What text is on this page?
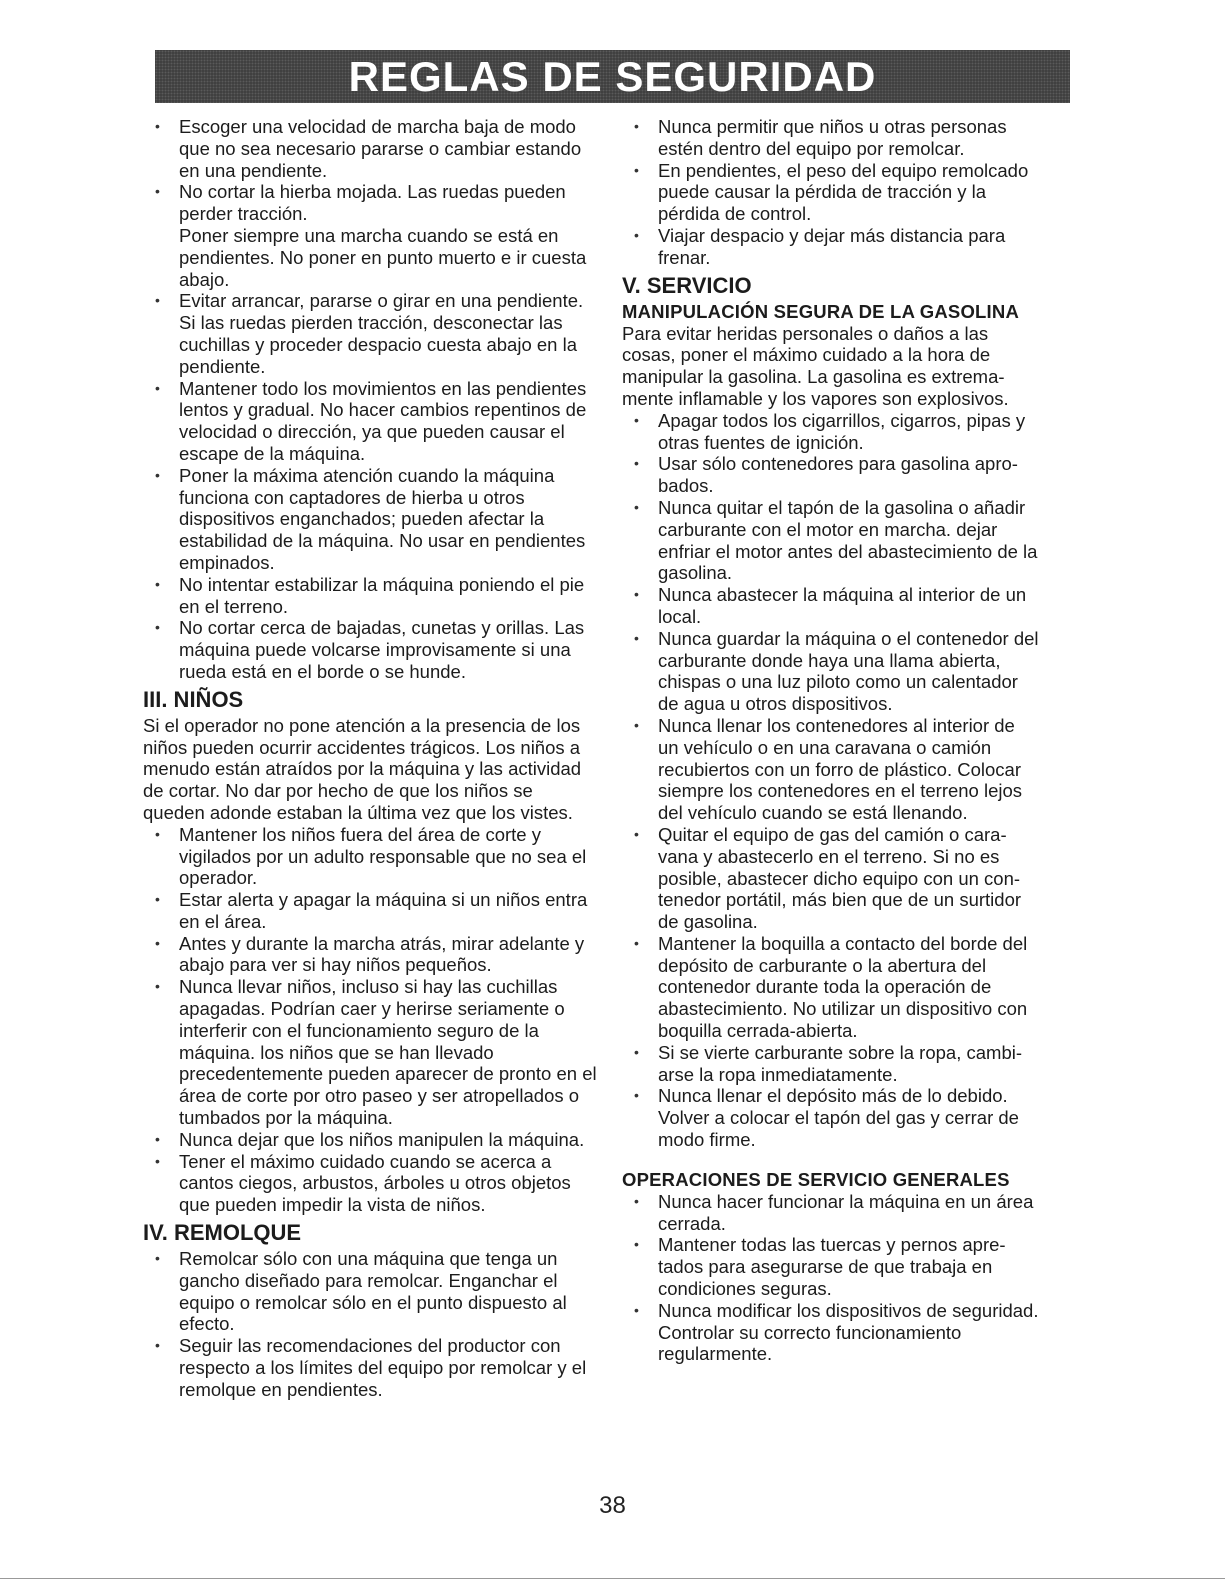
REGLAS DE SEGURIDAD
• Escoger una velocidad de marcha baja de modo que no sea necesario pararse o cambiar estando en una pendiente.
• No cortar la hierba mojada. Las ruedas pueden perder tracción.

Poner siempre una marcha cuando se está en pendientes. No poner en punto muerto e ir cuesta abajo.

• Evitar arrancar, pararse o girar en una pendiente. Si las ruedas pierden tracción, desconectar las cuchillas y proceder despacio cuesta abajo en la pendiente.
• Mantener todo los movimientos en las pendientes lentos y gradual. No hacer cambios repentinos de velocidad o dirección, ya que pueden causar el escape de la máquina.
• Poner la máxima atención cuando la máquina funciona con captadores de hierba u otros dispositivos enganchados; pueden afectar la estabilidad de la máquina. No usar en pendientes empinados.
• No intentar estabilizar la máquina poniendo el pie en el terreno.
• No cortar cerca de bajadas, cunetas y orillas. Las máquina puede volcarse improvisamente si una rueda está en el borde o se hunde.
III. NIÑOS

Si el operador no pone atención a la presencia de los niños pueden ocurrir accidentes trágicos. Los niños a menudo están atraídos por la máquina y las actividad de cortar. No dar por hecho de que los niños se queden adonde estaban la última vez que los vistes.

• Mantener los niños fuera del área de corte y vigilados por un adulto responsable que no sea el operador.
• Estar alerta y apagar la máquina si un niños entra en el área.
• Antes y durante la marcha atrás, mirar adelante y abajo para ver si hay niños pequeños.
• Nunca llevar niños, incluso si hay las cuchillas apagadas. Podrían caer y herirse seriamente o interferir con el funcionamiento seguro de la máquina. los niños que se han llevado precedentemente pueden aparecer de pronto en el área de corte por otro paseo y ser atropellados o tumbados por la máquina.
• Nunca dejar que los niños manipulen la máquina.
• Tener el máximo cuidado cuando se acerca a cantos ciegos, arbustos, árboles u otros objetos que pueden impedir la vista de niños.
IV. REMOLQUE
• Remolcar sólo con una máquina que tenga un gancho diseñado para remolcar. Enganchar el equipo o remolcar sólo en el punto dispuesto al efecto.
• Seguir las recomendaciones del productor con respecto a los límites del equipo por remolcar y el remolque en pendientes.
• Nunca permitir que niños u otras personas estén dentro del equipo por remolcar.
• En pendientes, el peso del equipo remolcado puede causar la pérdida de tracción y la pérdida de control.
• Viajar despacio y dejar más distancia para frenar.
V. SERVICIO
MANIPULACIÓN SEGURA DE LA GASOLINA

Para evitar heridas personales o daños a las cosas, poner el máximo cuidado a la hora de manipular la gasolina. La gasolina es extremamente inflamable y los vapores son explosivos.

• Apagar todos los cigarrillos, cigarros, pipas y otras fuentes de ignición.
• Usar sólo contenedores para gasolina aprobados.
• Nunca quitar el tapón de la gasolina o añadir carburante con el motor en marcha. dejar enfriar el motor antes del abastecimiento de la gasolina.
• Nunca abastecer la máquina al interior de un local.
• Nunca guardar la máquina o el contenedor del carburante donde haya una llama abierta, chispas o una luz piloto como un calentador de agua u otros dispositivos.
• Nunca llenar los contenedores al interior de un vehículo o en una caravana o camión recubiertos con un forro de plástico. Colocar siempre los contenedores en el terreno lejos del vehículo cuando se está llenando.
• Quitar el equipo de gas del camión o caravana y abastecerlo en el terreno. Si no es posible, abastecer dicho equipo con un contenedor portátil, más bien que de un surtidor de gasolina.
• Mantener la boquilla a contacto del borde del depósito de carburante o la abertura del contenedor durante toda la operación de abastecimiento. No utilizar un dispositivo con boquilla cerrada-abierta.
• Si se vierte carburante sobre la ropa, cambiarse la ropa inmediatamente.
• Nunca llenar el depósito más de lo debido. Volver a colocar el tapón del gas y cerrar de modo firme.
OPERACIONES DE SERVICIO GENERALES
• Nunca hacer funcionar la máquina en un área cerrada.
• Mantener todas las tuercas y pernos apretados para asegurarse de que trabaja en condiciones seguras.
• Nunca modificar los dispositivos de seguridad. Controlar su correcto funcionamiento regularmente.
38
